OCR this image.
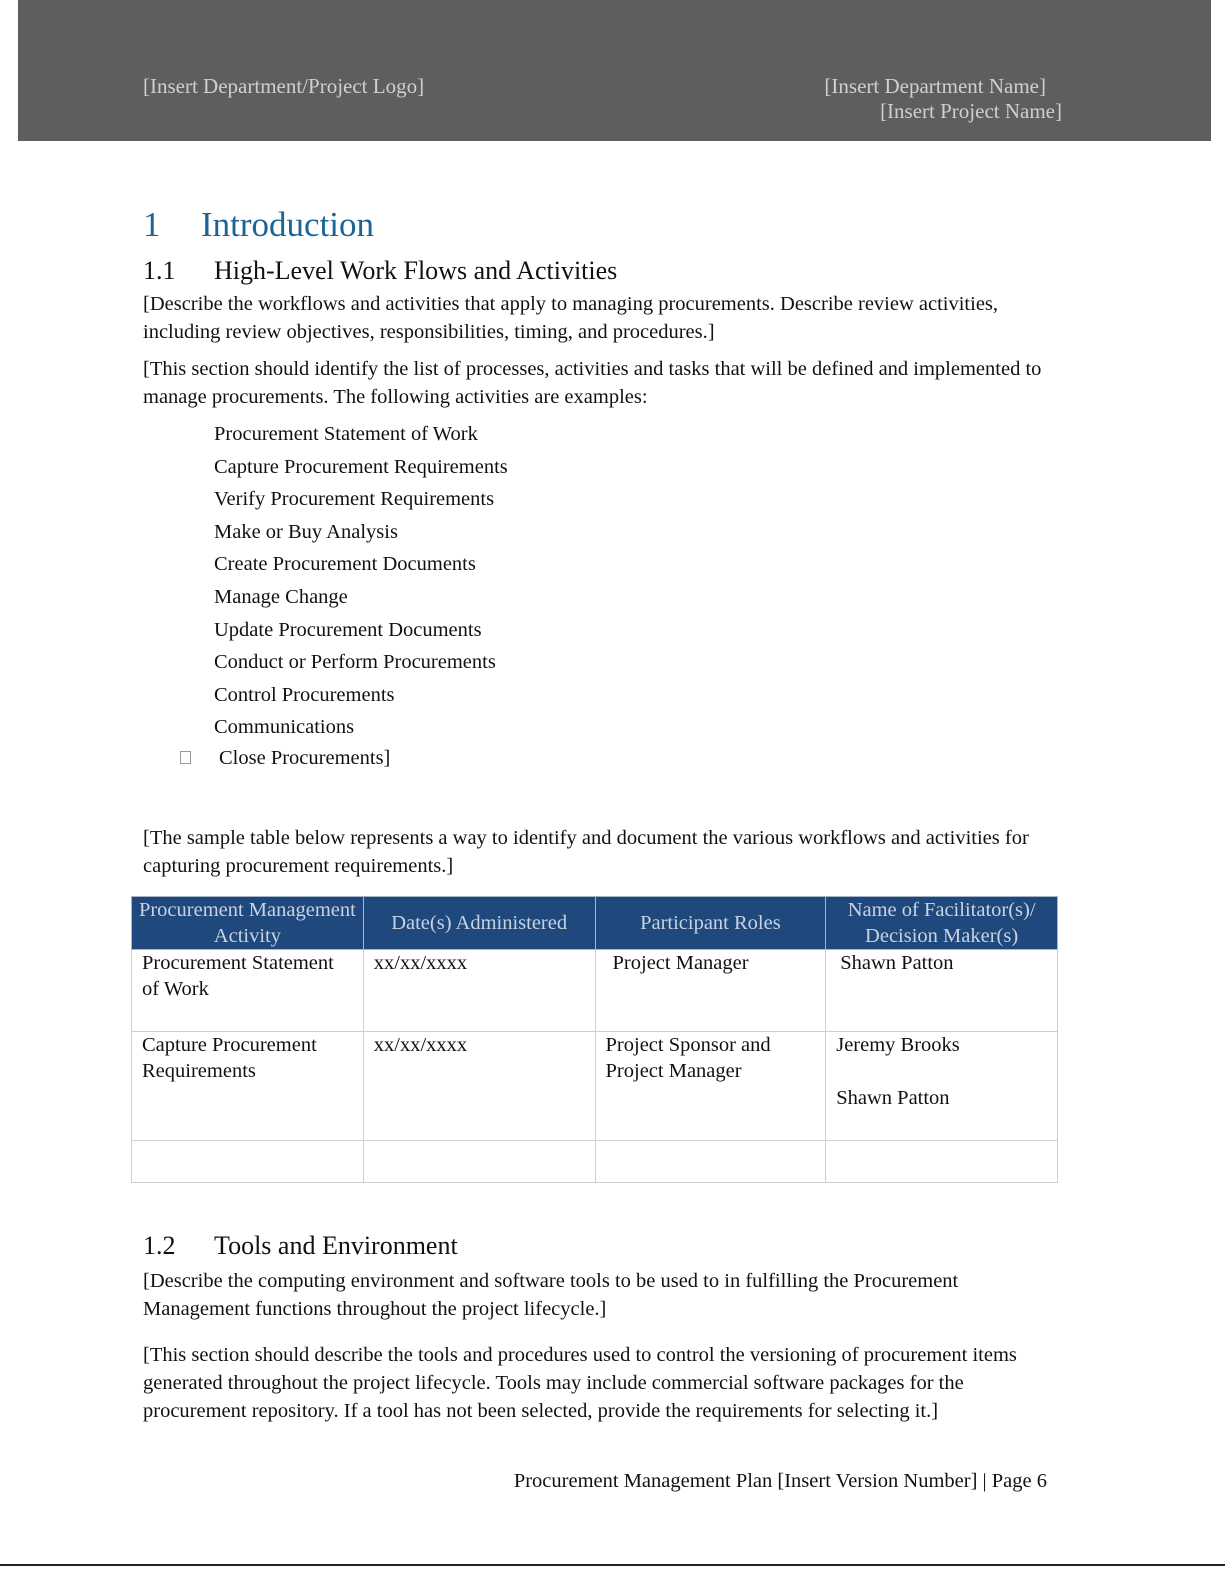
[Insert Department/Project Logo]	[Insert Department Name]
[Insert Project Name]
1 Introduction
1.1 High-Level Work Flows and Activities
[Describe the workflows and activities that apply to managing procurements. Describe review activities, including review objectives, responsibilities, timing, and procedures.]
[This section should identify the list of processes, activities and tasks that will be defined and implemented to manage procurements. The following activities are examples:
Procurement Statement of Work
Capture Procurement Requirements
Verify Procurement Requirements
Make or Buy Analysis
Create Procurement Documents
Manage Change
Update Procurement Documents
Conduct or Perform Procurements
Control Procurements
Communications
Close Procurements]
[The sample table below represents a way to identify and document the various workflows and activities for capturing procurement requirements.]
Procurement Management Activity	Date(s) Administered	Participant Roles	Name of Facilitator(s)/ Decision Maker(s)
Procurement Statement of Work	xx/xx/xxxx	Project Manager	Shawn Patton
Capture Procurement Requirements	xx/xx/xxxx	Project Sponsor and Project Manager	Jeremy Brooks
Shawn Patton

1.2 Tools and Environment
[Describe the computing environment and software tools to be used to in fulfilling the Procurement Management functions throughout the project lifecycle.]
[This section should describe the tools and procedures used to control the versioning of procurement items generated throughout the project lifecycle. Tools may include commercial software packages for the procurement repository. If a tool has not been selected, provide the requirements for selecting it.]
Procurement Management Plan [Insert Version Number] | Page 6
